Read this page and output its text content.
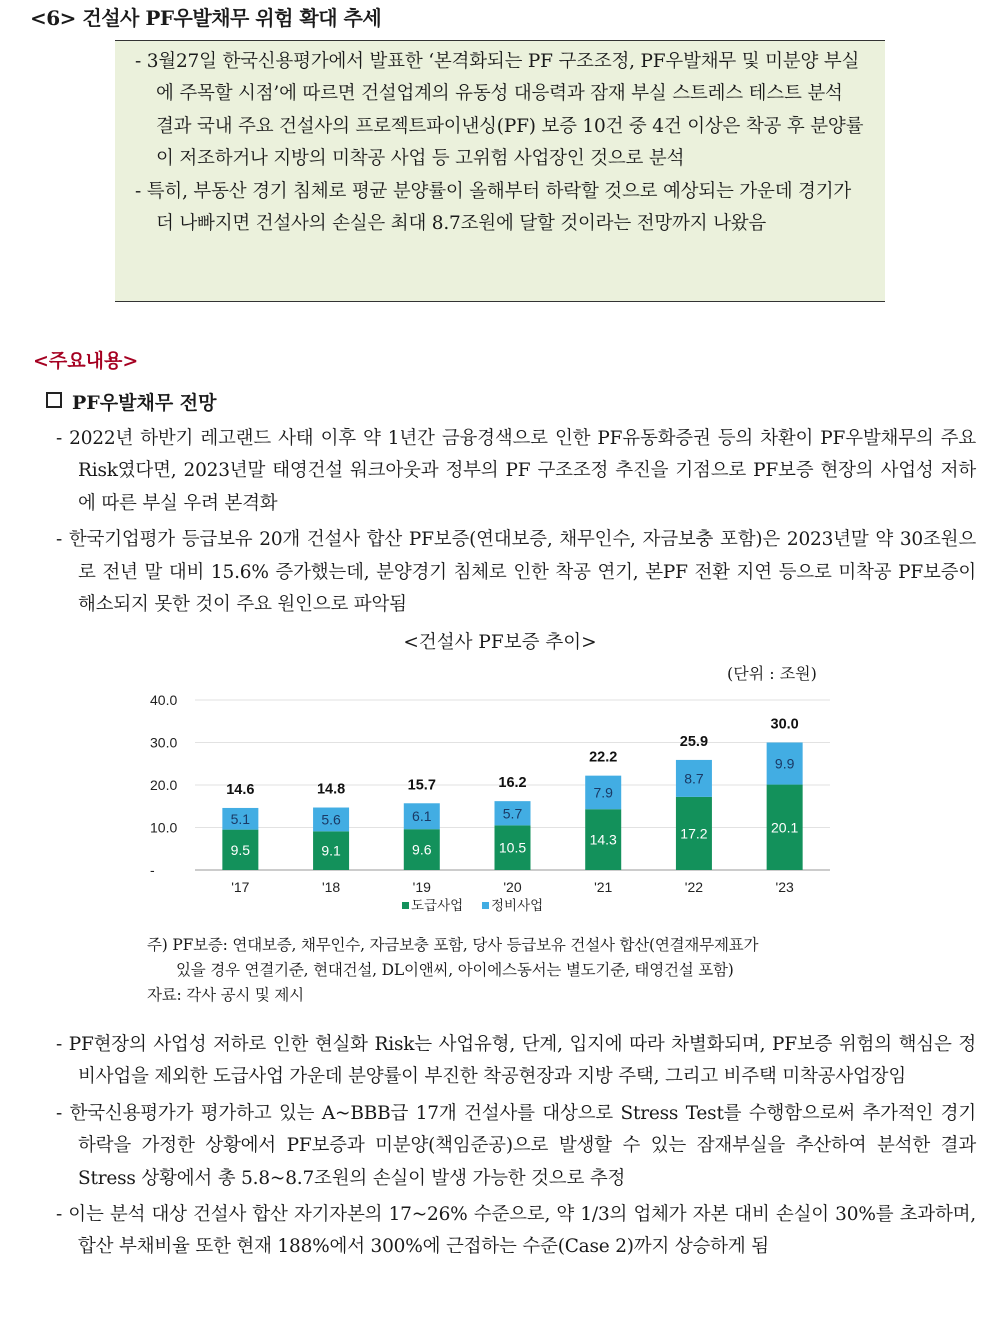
<6> 건설사 PF우발채무 위험 확대 추세

- 3월27일 한국신용평가에서 발표한 ‘본격화되는 PF 구조조정, PF우발채무 및 미분양 부실에 주목할 시점’에 따르면 건설업계의 유동성 대응력과 잠재 부실 스트레스 테스트 분석 결과 국내 주요 건설사의 프로젝트파이낸싱(PF) 보증 10건 중 4건 이상은 착공 후 분양률이 저조하거나 지방의 미착공 사업 등 고위험 사업장인 것으로 분석

- 특히, 부동산 경기 침체로 평균 분양률이 올해부터 하락할 것으로 예상되는 가운데 경기가 더 나빠지면 건설사의 손실은 최대 8.7조원에 달할 것이라는 전망까지 나왔음

<주요내용>
PF우발채무 전망

- 2022년 하반기 레고랜드 사태 이후 약 1년간 금융경색으로 인한 PF유동화증권 등의 차환이 PF우발채무의 주요 Risk였다면, 2023년말 태영건설 워크아웃과 정부의 PF 구조조정 추진을 기점으로 PF보증 현장의 사업성 저하에 따른 부실 우려 본격화

- 한국기업평가 등급보유 20개 건설사 합산 PF보증(연대보증, 채무인수, 자금보충 포함)은 2023년말 약 30조원으로 전년 말 대비 15.6% 증가했는데, 분양경기 침체로 인한 착공 연기, 본PF 전환 지연 등으로 미착공 PF보증이 해소되지 못한 것이 주요 원인으로 파악됨

<건설사 PF보증 추이>
(단위 : 조원)
-
10.0
20.0
30.0
40.0
9.5
5.1
14.6
'17
9.1
5.6
14.8
'18
9.6
6.1
15.7
'19
10.5
5.7
16.2
'20
14.3
7.9
22.2
'21
17.2
8.7
25.9
'22
20.1
9.9
30.0
'23
도급사업 정비사업
주) PF보증: 연대보증, 채무인수, 자금보충 포함, 당사 등급보유 건설사 합산(연결재무제표가
있을 경우 연결기준, 현대건설, DL이앤씨, 아이에스동서는 별도기준, 태영건설 포함)
자료: 각사 공시 및 제시

- PF현장의 사업성 저하로 인한 현실화 Risk는 사업유형, 단계, 입지에 따라 차별화되며, PF보증 위험의 핵심은 정비사업을 제외한 도급사업 가운데 분양률이 부진한 착공현장과 지방 주택, 그리고 비주택 미착공사업장임

- 한국신용평가가 평가하고 있는 A~BBB급 17개 건설사를 대상으로 Stress Test를 수행함으로써 추가적인 경기 하락을 가정한 상황에서 PF보증과 미분양(책임준공)으로 발생할 수 있는 잠재부실을 추산하여 분석한 결과 Stress 상황에서 총 5.8~8.7조원의 손실이 발생 가능한 것으로 추정

- 이는 분석 대상 건설사 합산 자기자본의 17~26% 수준으로, 약 1/3의 업체가 자본 대비 손실이 30%를 초과하며, 합산 부채비율 또한 현재 188%에서 300%에 근접하는 수준(Case 2)까지 상승하게 됨
